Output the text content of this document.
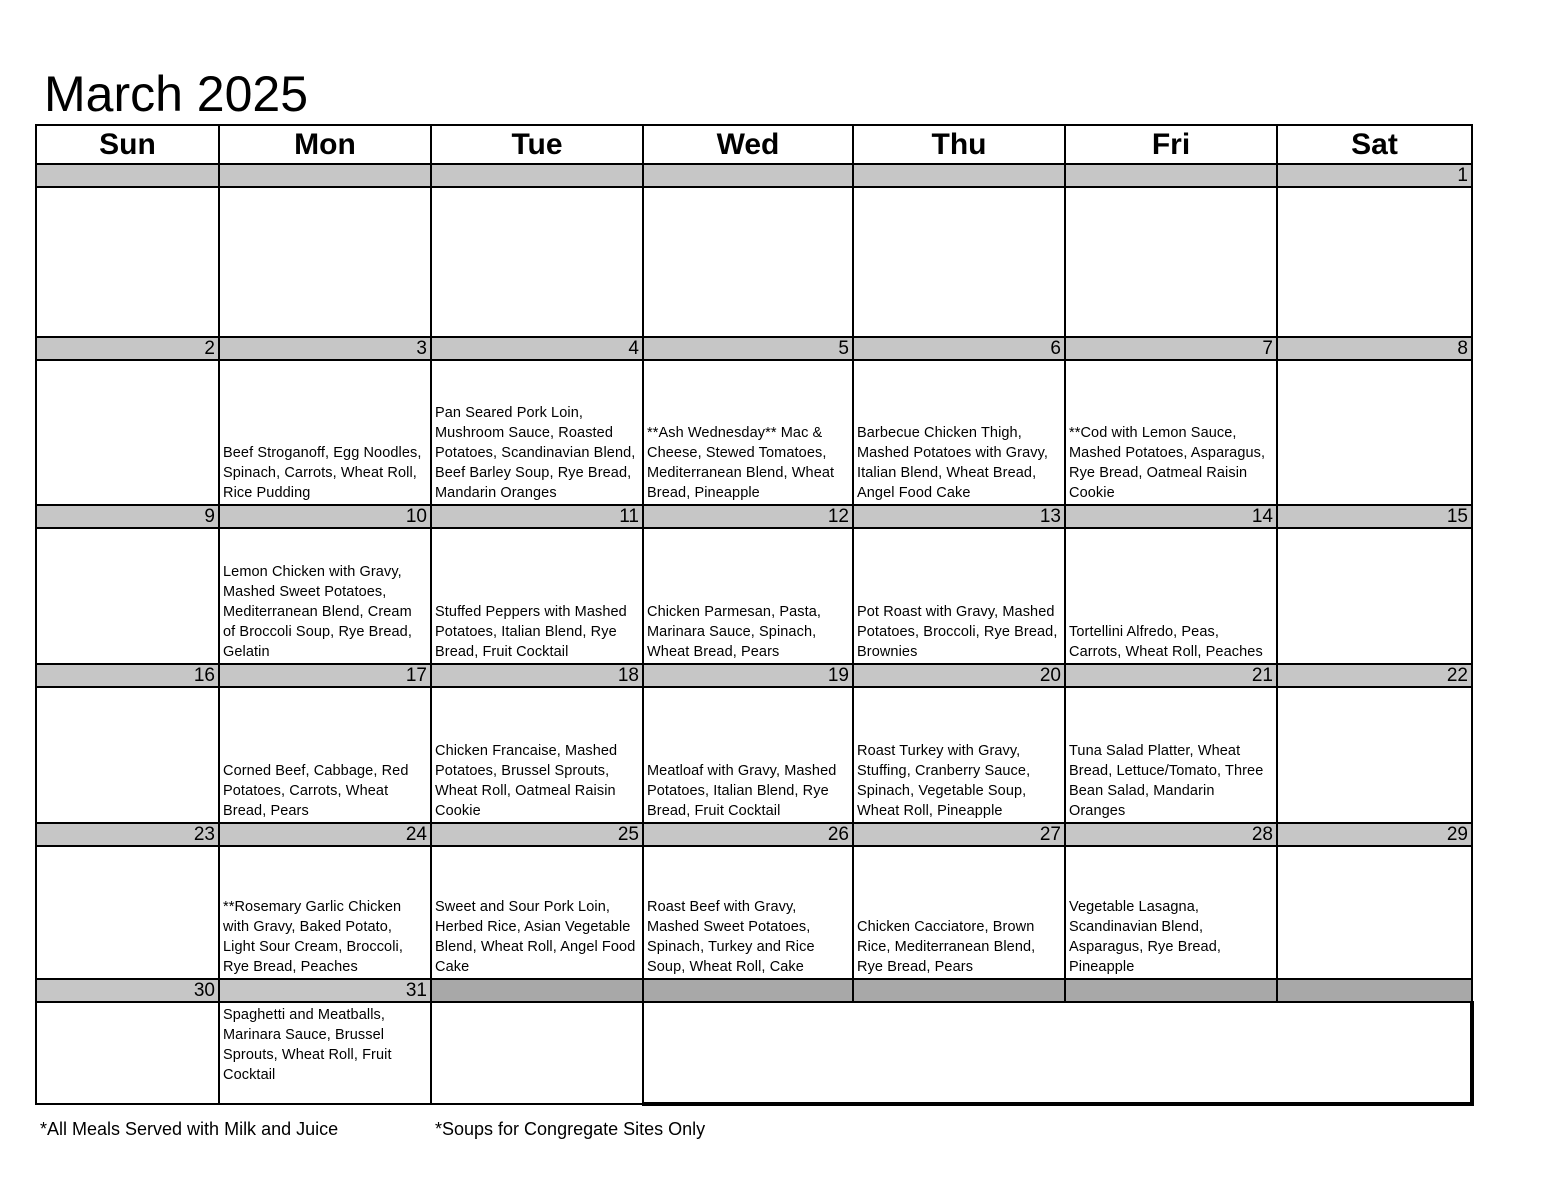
March 2025
Sun	Mon	Tue	Wed	Thu	Fri	Sat
						1

2	3	4	5	6	7	8
	Beef Stroganoff, Egg Noodles, Spinach, Carrots, Wheat Roll, Rice Pudding	Pan Seared Pork Loin, Mushroom Sauce, Roasted Potatoes, Scandinavian Blend, Beef Barley Soup, Rye Bread, Mandarin Oranges	**Ash Wednesday** Mac & Cheese, Stewed Tomatoes, Mediterranean Blend, Wheat Bread, Pineapple	Barbecue Chicken Thigh, Mashed Potatoes with Gravy, Italian Blend, Wheat Bread, Angel Food Cake	**Cod with Lemon Sauce, Mashed Potatoes, Asparagus, Rye Bread, Oatmeal Raisin Cookie	
9	10	11	12	13	14	15
	Lemon Chicken with Gravy, Mashed Sweet Potatoes, Mediterranean Blend, Cream of Broccoli Soup, Rye Bread, Gelatin	Stuffed Peppers with Mashed Potatoes, Italian Blend, Rye Bread, Fruit Cocktail	Chicken Parmesan, Pasta, Marinara Sauce, Spinach, Wheat Bread, Pears	Pot Roast with Gravy, Mashed Potatoes, Broccoli, Rye Bread, Brownies	Tortellini Alfredo, Peas, Carrots, Wheat Roll, Peaches	
16	17	18	19	20	21	22
	Corned Beef, Cabbage, Red Potatoes, Carrots, Wheat Bread, Pears	Chicken Francaise, Mashed Potatoes, Brussel Sprouts, Wheat Roll, Oatmeal Raisin Cookie	Meatloaf with Gravy, Mashed Potatoes, Italian Blend, Rye Bread, Fruit Cocktail	Roast Turkey with Gravy, Stuffing, Cranberry Sauce, Spinach, Vegetable Soup, Wheat Roll, Pineapple	Tuna Salad Platter, Wheat Bread, Lettuce/Tomato, Three Bean Salad, Mandarin Oranges	
23	24	25	26	27	28	29
	**Rosemary Garlic Chicken with Gravy, Baked Potato, Light Sour Cream, Broccoli, Rye Bread, Peaches	Sweet and Sour Pork Loin, Herbed Rice, Asian Vegetable Blend, Wheat Roll, Angel Food Cake	Roast Beef with Gravy, Mashed Sweet Potatoes, Spinach, Turkey and Rice Soup, Wheat Roll, Cake	Chicken Cacciatore, Brown Rice, Mediterranean Blend, Rye Bread, Pears	Vegetable Lasagna, Scandinavian Blend, Asparagus, Rye Bread, Pineapple	
30	31					
	Spaghetti and Meatballs, Marinara Sauce, Brussel Sprouts, Wheat Roll, Fruit Cocktail					
*All Meals Served with Milk and Juice	*Soups for Congregate Sites Only
